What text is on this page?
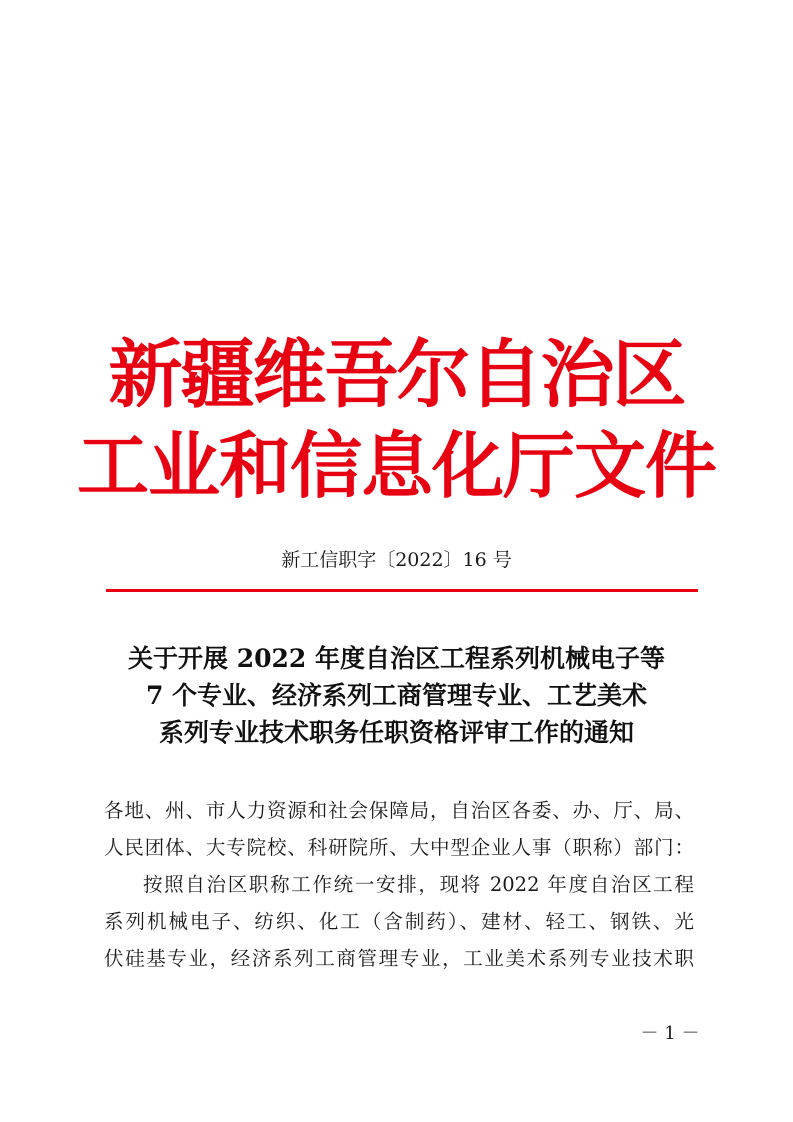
新疆维吾尔自治区
工业和信息化厅文件
新工信职字〔2022〕16 号
关于开展 2022 年度自治区工程系列机械电子等
7 个专业、经济系列工商管理专业、工艺美术
系列专业技术职务任职资格评审工作的通知
各地、州、市人力资源和社会保障局，自治区各委、办、厅、局、
人民团体、大专院校、科研院所、大中型企业人事（职称）部门：
按照自治区职称工作统一安排，现将 2022 年度自治区工程
系列机械电子、纺织、化工（含制药）、建材、轻工、钢铁、光
伏硅基专业，经济系列工商管理专业，工业美术系列专业技术职
－ 1 －
